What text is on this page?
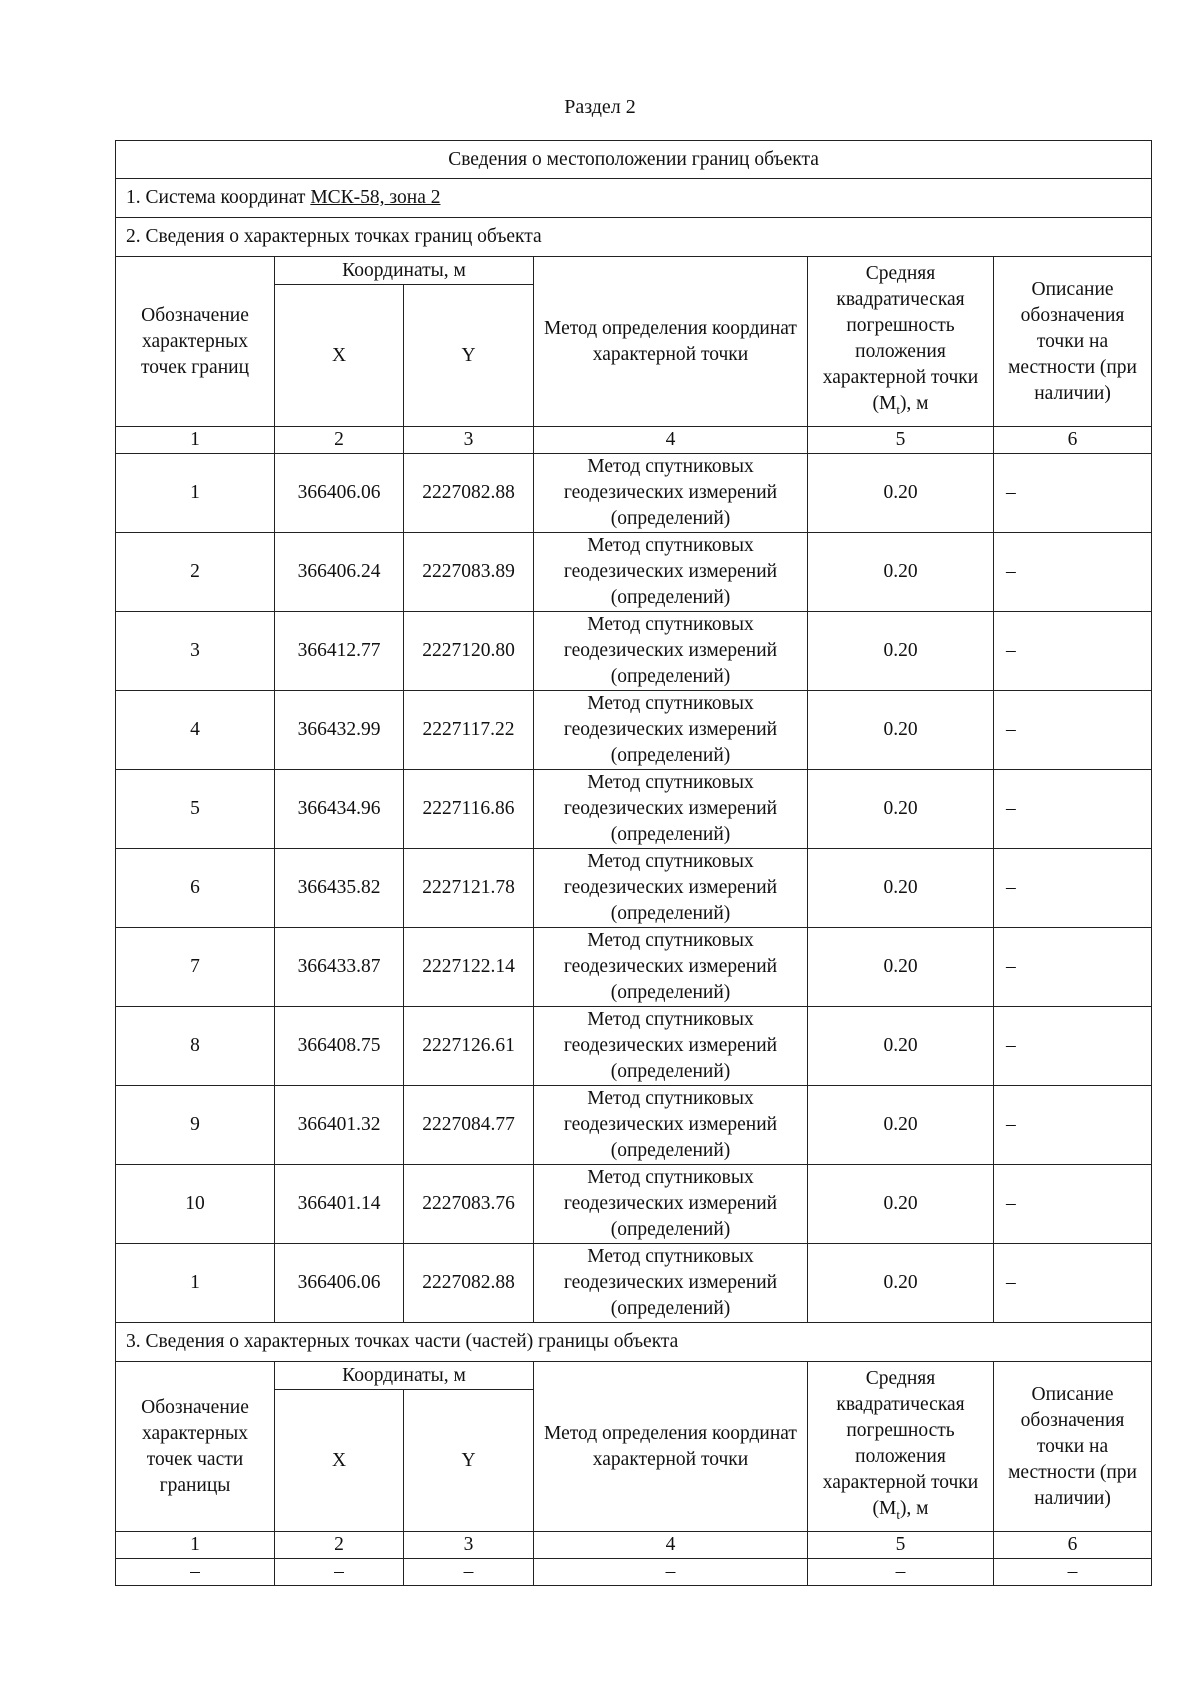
Раздел 2
Сведения о местоположении границ объекта					
1. Система координат МСК-58, зона 2					
2. Сведения о характерных точках границ объекта					
Обозначение характерных точек границ	Координаты, м		Метод определения координат характерной точки	Средняя квадратическая погрешность положения характерной точки $(M_t)$, м	Описание обозначения точки на местности (при наличии)
	X	Y			
1	2	3	4	5	6
1	366406.06	2227082.88	Метод спутниковых геодезических измерений (определений)	0.20	–
2	366406.24	2227083.89	Метод спутниковых геодезических измерений (определений)	0.20	–
3	366412.77	2227120.80	Метод спутниковых геодезических измерений (определений)	0.20	–
4	366432.99	2227117.22	Метод спутниковых геодезических измерений (определений)	0.20	–
5	366434.96	2227116.86	Метод спутниковых геодезических измерений (определений)	0.20	–
6	366435.82	2227121.78	Метод спутниковых геодезических измерений (определений)	0.20	–
7	366433.87	2227122.14	Метод спутниковых геодезических измерений (определений)	0.20	–
8	366408.75	2227126.61	Метод спутниковых геодезических измерений (определений)	0.20	–
9	366401.32	2227084.77	Метод спутниковых геодезических измерений (определений)	0.20	–
10	366401.14	2227083.76	Метод спутниковых геодезических измерений (определений)	0.20	–
1	366406.06	2227082.88	Метод спутниковых геодезических измерений (определений)	0.20	–
3. Сведения о характерных точках части (частей) границы объекта					
Обозначение характерных точек части границы	Координаты, м		Метод определения координат характерной точки	Средняя квадратическая погрешность положения характерной точки $(M_t)$, м	Описание обозначения точки на местности (при наличии)
	X	Y			
1	2	3	4	5	6
–	–	–	–	–	–
